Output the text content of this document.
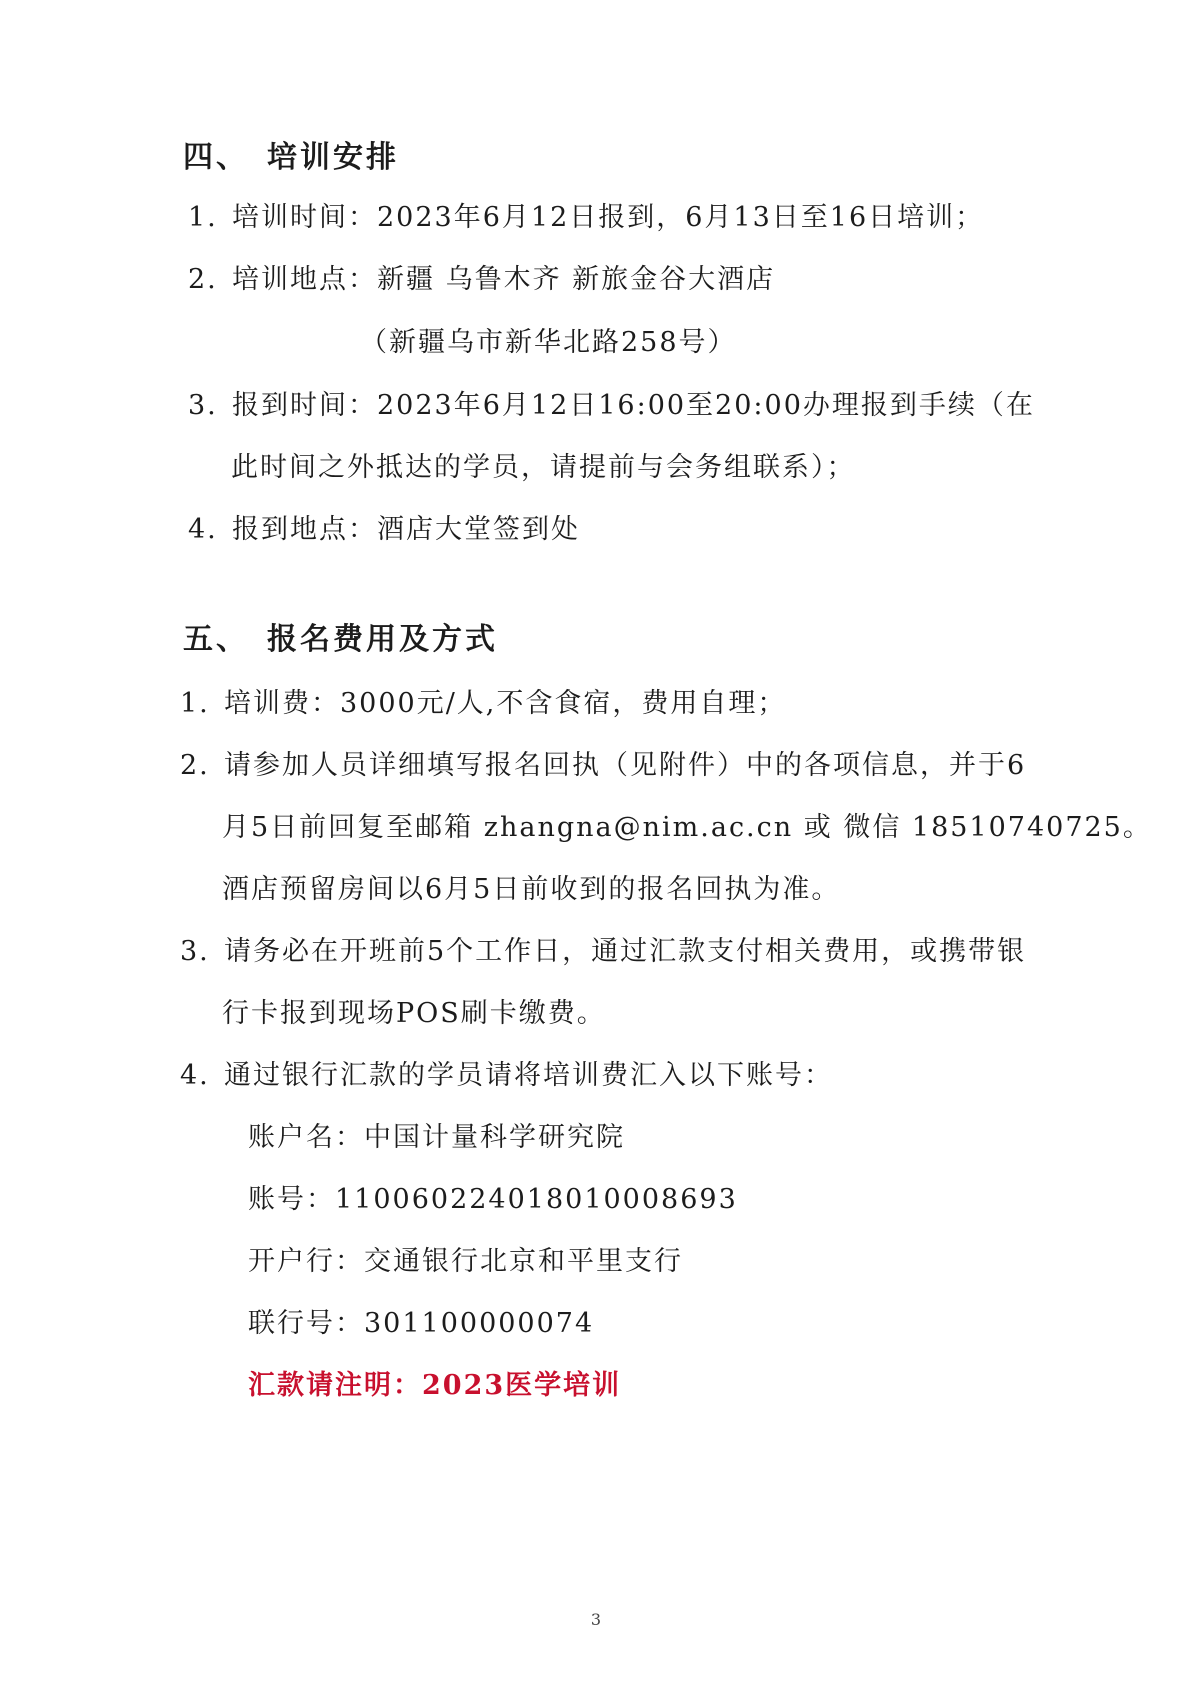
四、 培训安排
1. 培训时间：2023年6月12日报到，6月13日至16日培训；
2. 培训地点：新疆 乌鲁木齐 新旅金谷大酒店
（新疆乌市新华北路258号）
3. 报到时间：2023年6月12日16:00至20:00办理报到手续（在
此时间之外抵达的学员，请提前与会务组联系）；
4. 报到地点：酒店大堂签到处
五、 报名费用及方式
1. 培训费：3000元/人,不含食宿，费用自理；
2. 请参加人员详细填写报名回执（见附件）中的各项信息，并于6
月5日前回复至邮箱 zhangna@nim.ac.cn 或 微信 18510740725。
酒店预留房间以6月5日前收到的报名回执为准。
3. 请务必在开班前5个工作日，通过汇款支付相关费用，或携带银
行卡报到现场POS刷卡缴费。
4. 通过银行汇款的学员请将培训费汇入以下账号：
账户名：中国计量科学研究院
账号：110060224018010008693
开户行：交通银行北京和平里支行
联行号：301100000074
汇款请注明：2023医学培训
3
